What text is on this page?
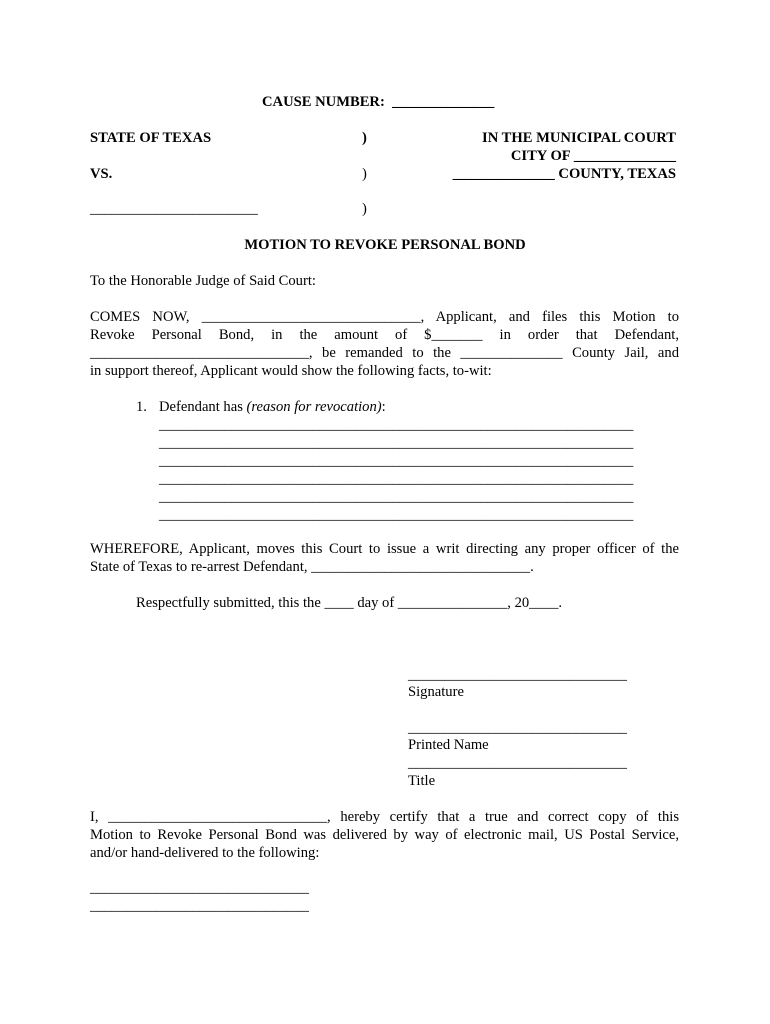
CAUSE NUMBER:  ______________
STATE OF TEXAS
VS.
_______________________
)
)
)
IN THE MUNICIPAL COURT
CITY OF ______________
______________ COUNTY, TEXAS
MOTION TO REVOKE PERSONAL BOND
To the Honorable Judge of Said Court:
COMES NOW, ______________________________, Applicant, and files this Motion to
Revoke Personal Bond, in the amount of $_______ in order that Defendant,
______________________________, be remanded to the ______________ County Jail, and
in support thereof, Applicant would show the following facts, to-wit:
1. Defendant has (reason for revocation):
_________________________________________________________________
_________________________________________________________________
_________________________________________________________________
_________________________________________________________________
_________________________________________________________________
_________________________________________________________________
WHEREFORE, Applicant, moves this Court to issue a writ directing any proper officer of the
State of Texas to re-arrest Defendant, ______________________________.
Respectfully submitted, this the ____ day of _______________, 20____.
______________________________
Signature
______________________________
Printed Name
______________________________
Title
I, ______________________________, hereby certify that a true and correct copy of this
Motion to Revoke Personal Bond was delivered by way of electronic mail, US Postal Service,
and/or hand-delivered to the following:
______________________________
______________________________
